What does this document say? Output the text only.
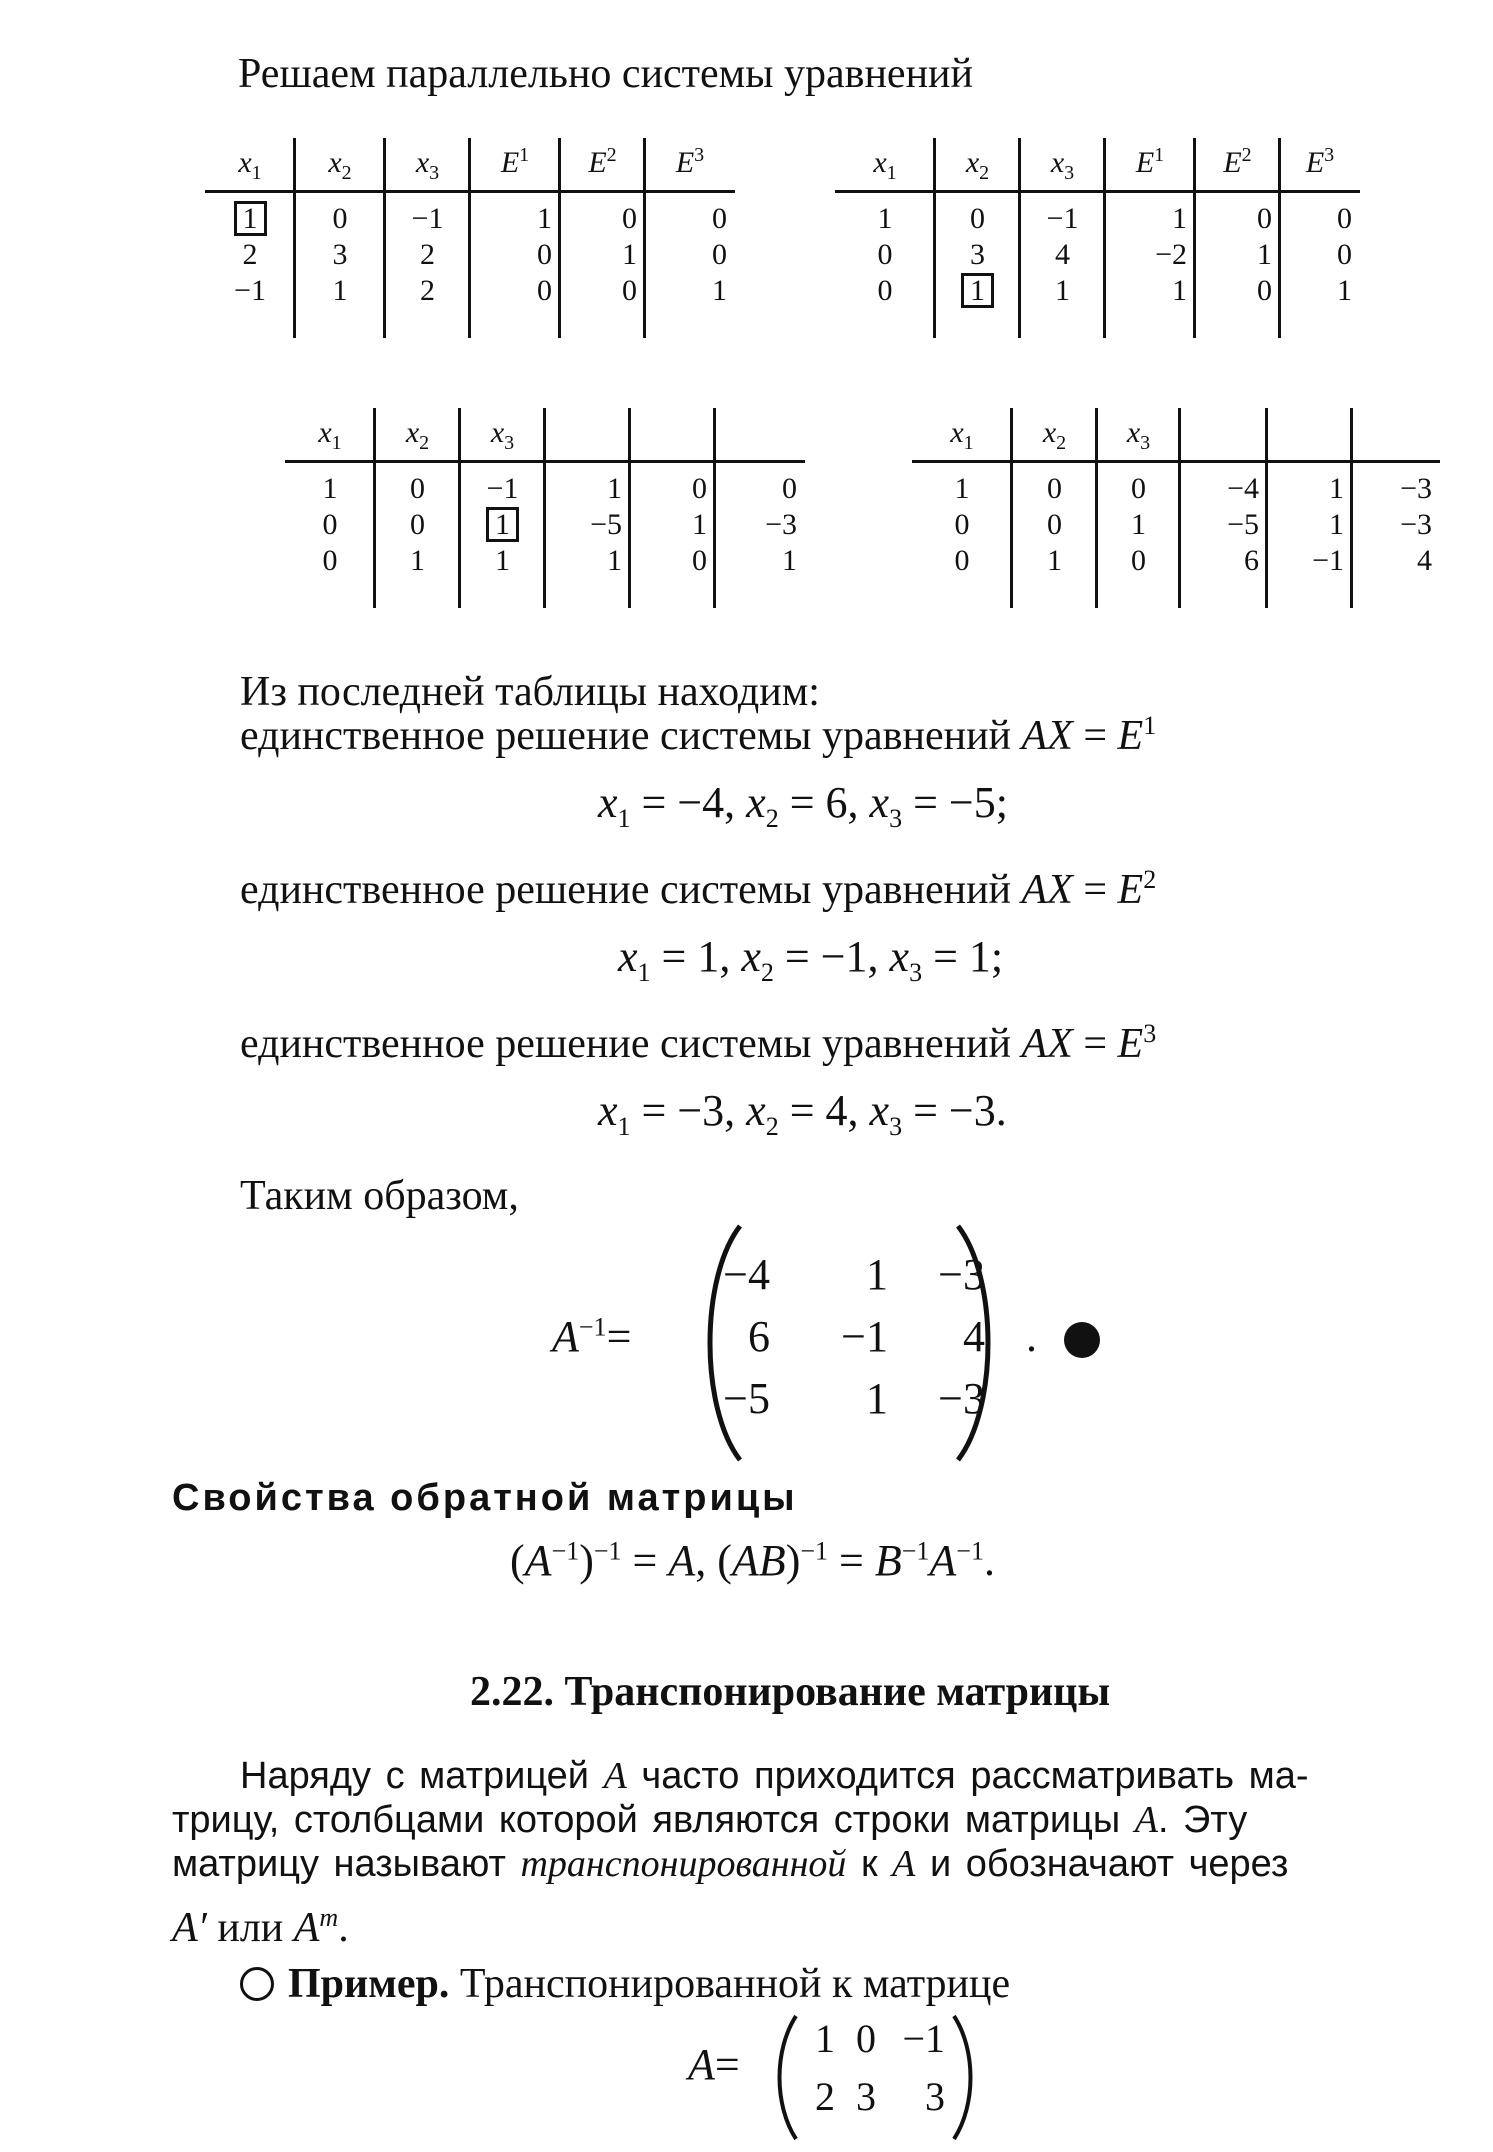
Решаем параллельно системы уравнений
$x_1$	$x_2$	$x_3$	$E^1$	$E^2$	$E^3$
1	0	−1	1	0	0
2	3	2	0	1	0
−1	1	2	0	0	1
$x_1$	$x_2$	$x_3$	$E^1$	$E^2$	$E^3$
1	0	−1	1	0	0
0	3	4	−2	1	0
0	1	1	1	0	1
$x_1$	$x_2$	$x_3$
1	0	−1	1	0	0
0	0	1	−5	1	−3
0	1	1	1	0	1
$x_1$	$x_2$	$x_3$
1	0	0	−4	1	−3
0	0	1	−5	1	−3
0	1	0	6	−1	4
Из последней таблицы находим:
единственное решение системы уравнений AX = $E^1$
$x_1 = -4$, $x_2 = 6$, $x_3 = -5$;
единственное решение системы уравнений AX = $E^2$
$x_1 = 1$, $x_2 = -1$, $x_3 = 1$;
единственное решение системы уравнений AX = $E^3$
$x_1 = -3$, $x_2 = 4$, $x_3 = -3$.
Таким образом,
$A^{-1}=$
−4	1 −3
6 −1	4
−5	1 −3
.
Свойства обратной матрицы
$(A^{-1})^{-1} = A$, $(AB)^{-1} = B^{-1}A^{-1}$.
2.22. Транспонирование матрицы
Наряду с матрицей A часто приходится рассматривать ма-
трицу, столбцами которой являются строки матрицы A. Эту
матрицу называют транспонированной к A и обозначают через
A′ или $A^т$.
Пример. Транспонированной к матрице
A=
1 0 −1
2 3	3
